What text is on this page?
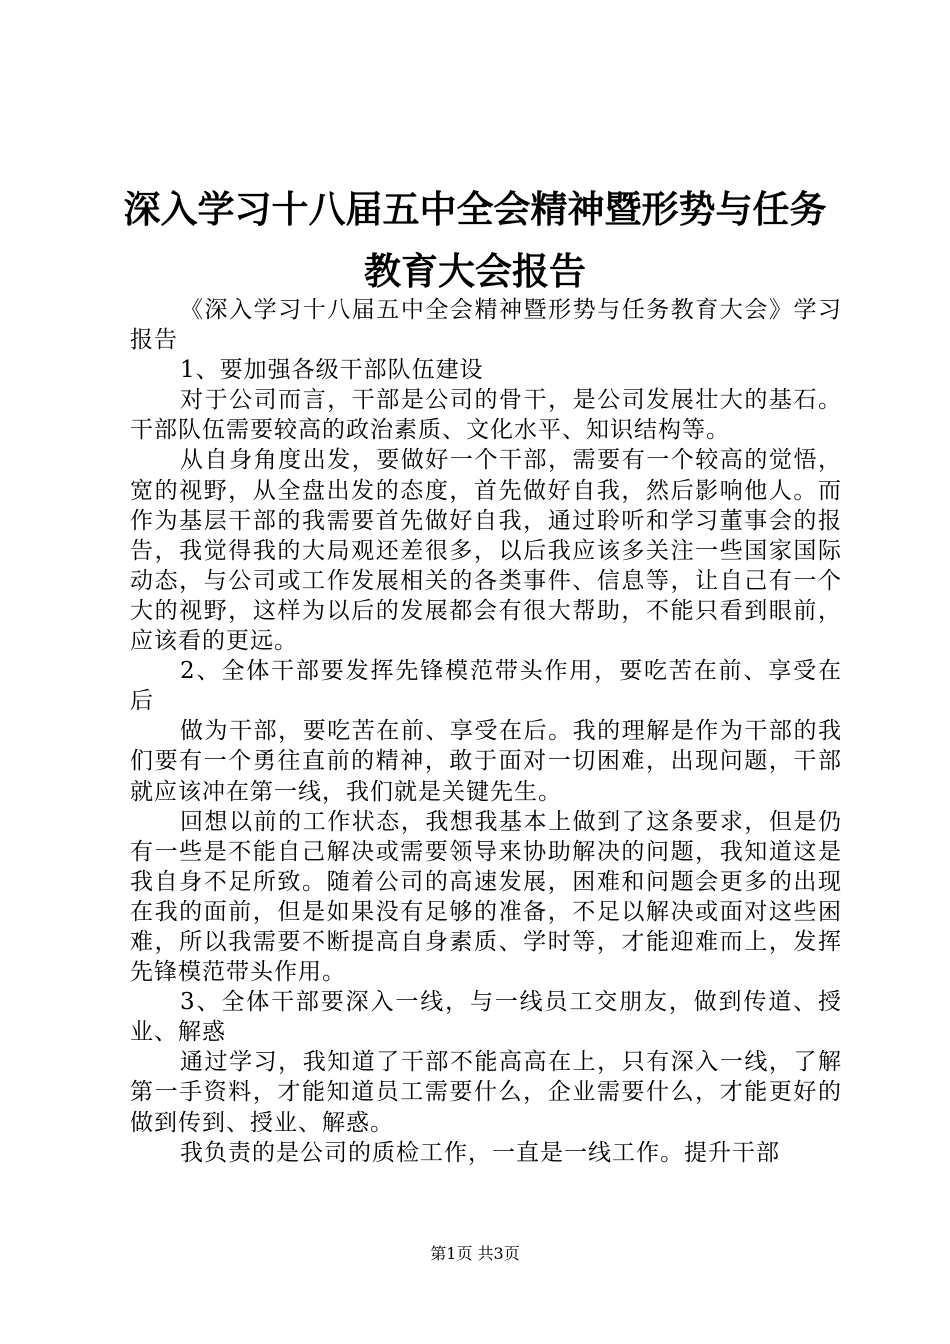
深入学习十八届五中全会精神暨形势与任务教育大会报告

《深入学习十八届五中全会精神暨形势与任务教育大会》学习报告

1、要加强各级干部队伍建设

对于公司而言，干部是公司的骨干，是公司发展壮大的基石。干部队伍需要较高的政治素质、文化水平、知识结构等。

从自身角度出发，要做好一个干部，需要有一个较高的觉悟，宽的视野，从全盘出发的态度，首先做好自我，然后影响他人。而作为基层干部的我需要首先做好自我，通过聆听和学习董事会的报告，我觉得我的大局观还差很多，以后我应该多关注一些国家国际动态，与公司或工作发展相关的各类事件、信息等，让自己有一个大的视野，这样为以后的发展都会有很大帮助，不能只看到眼前，应该看的更远。

2、全体干部要发挥先锋模范带头作用，要吃苦在前、享受在后

做为干部，要吃苦在前、享受在后。我的理解是作为干部的我们要有一个勇往直前的精神，敢于面对一切困难，出现问题，干部就应该冲在第一线，我们就是关键先生。

回想以前的工作状态，我想我基本上做到了这条要求，但是仍有一些是不能自己解决或需要领导来协助解决的问题，我知道这是我自身不足所致。随着公司的高速发展，困难和问题会更多的出现在我的面前，但是如果没有足够的准备，不足以解决或面对这些困难，所以我需要不断提高自身素质、学时等，才能迎难而上，发挥先锋模范带头作用。

3、全体干部要深入一线，与一线员工交朋友，做到传道、授业、解惑

通过学习，我知道了干部不能高高在上，只有深入一线，了解第一手资料，才能知道员工需要什么，企业需要什么，才能更好的做到传到、授业、解惑。

我负责的是公司的质检工作，一直是一线工作。提升干部

第1页 共3页
